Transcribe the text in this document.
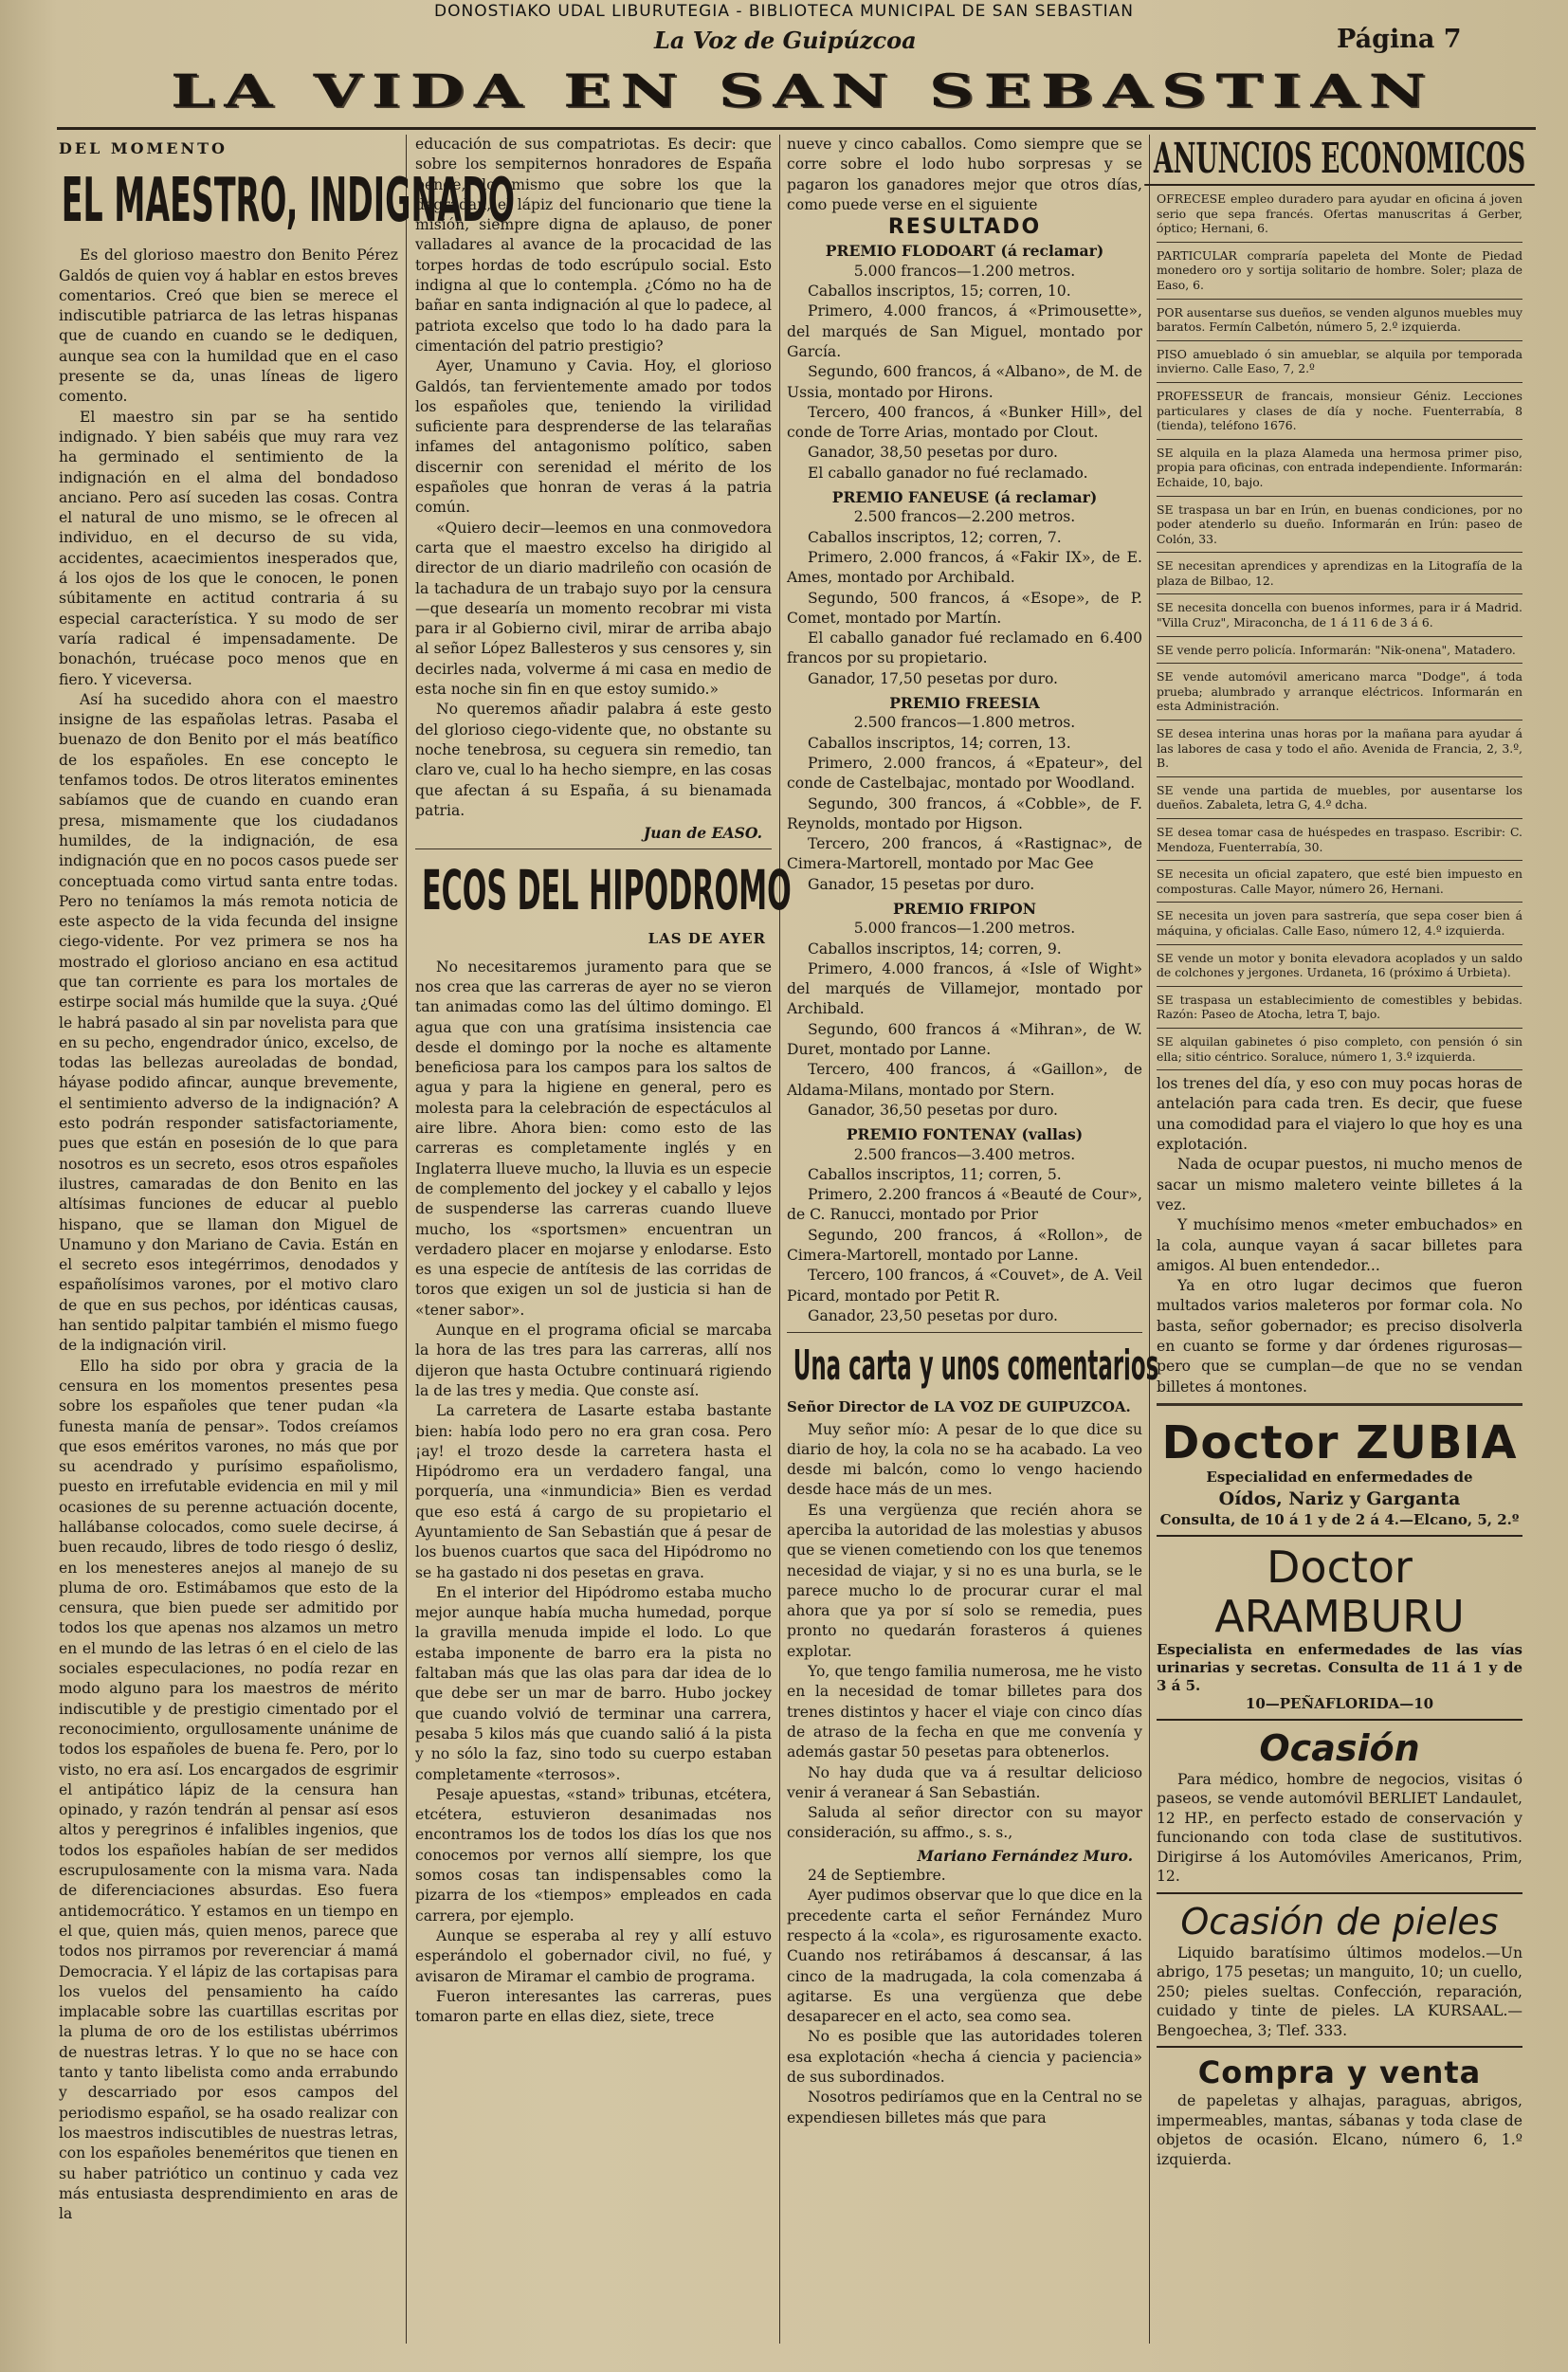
DONOSTIAKO UDAL LIBURUTEGIA - BIBLIOTECA MUNICIPAL DE SAN SEBASTIAN
La Voz de Guipúzcoa	Página 7
LA VIDA EN SAN SEBASTIAN
DEL MOMENTO
EL MAESTRO, INDIGNADO

Es del glorioso maestro don Benito Pérez Galdós de quien voy á hablar en estos breves comentarios. Creó que bien se merece el indiscutible patriarca de las letras hispanas que de cuando en cuando se le dediquen, aunque sea con la humildad que en el caso presente se da, unas líneas de ligero comento.

El maestro sin par se ha sentido indignado. Y bien sabéis que muy rara vez ha germinado el sentimiento de la indignación en el alma del bondadoso anciano. Pero así suceden las cosas. Contra el natural de uno mismo, se le ofrecen al individuo, en el decurso de su vida, accidentes, acaecimientos inesperados que, á los ojos de los que le conocen, le ponen súbitamente en actitud contraria á su especial característica. Y su modo de ser varía radical é impensadamente. De bonachón, truécase poco menos que en fiero. Y viceversa.

Así ha sucedido ahora con el maestro insigne de las españolas letras. Pasaba el buenazo de don Benito por el más beatífico de los españoles. En ese concepto le tenfamos todos. De otros literatos eminentes sabíamos que de cuando en cuando eran presa, mismamente que los ciudadanos humildes, de la indignación, de esa indignación que en no pocos casos puede ser conceptuada como virtud santa entre todas. Pero no teníamos la más remota noticia de este aspecto de la vida fecunda del insigne ciego-vidente. Por vez primera se nos ha mostrado el glorioso anciano en esa actitud que tan corriente es para los mortales de estirpe social más humilde que la suya. ¿Qué le habrá pasado al sin par novelista para que en su pecho, engendrador único, excelso, de todas las bellezas aureoladas de bondad, háyase podido afincar, aunque brevemente, el sentimiento adverso de la indignación? A esto podrán responder satisfactoriamente, pues que están en posesión de lo que para nosotros es un secreto, esos otros españoles ilustres, camaradas de don Benito en las altísimas funciones de educar al pueblo hispano, que se llaman don Miguel de Unamuno y don Mariano de Cavia. Están en el secreto esos integérrimos, denodados y españolísimos varones, por el motivo claro de que en sus pechos, por idénticas causas, han sentido palpitar también el mismo fuego de la indignación viril.

Ello ha sido por obra y gracia de la censura en los momentos presentes pesa sobre los españoles que tener pudan «la funesta manía de pensar». Todos creíamos que esos eméritos varones, no más que por su acendrado y purísimo españolismo, puesto en irrefutable evidencia en mil y mil ocasiones de su perenne actuación docente, hallábanse colocados, como suele decirse, á buen recaudo, libres de todo riesgo ó desliz, en los menesteres anejos al manejo de su pluma de oro. Estimábamos que esto de la censura, que bien puede ser admitido por todos los que apenas nos alzamos un metro en el mundo de las letras ó en el cielo de las sociales especulaciones, no podía rezar en modo alguno para los maestros de mérito indiscutible y de prestigio cimentado por el reconocimiento, orgullosamente unánime de todos los españoles de buena fe. Pero, por lo visto, no era así. Los encargados de esgrimir el antipático lápiz de la censura han opinado, y razón tendrán al pensar así esos altos y peregrinos é infalibles ingenios, que todos los españoles habían de ser medidos escrupulosamente con la misma vara. Nada de diferenciaciones absurdas. Eso fuera antidemocrático. Y estamos en un tiempo en el que, quien más, quien menos, parece que todos nos pirramos por reverenciar á mamá Democracia. Y el lápiz de las cortapisas para los vuelos del pensamiento ha caído implacable sobre las cuartillas escritas por la pluma de oro de los estilistas ubérrimos de nuestras letras. Y lo que no se hace con tanto y tanto libelista como anda errabundo y descarriado por esos campos del periodismo español, se ha osado realizar con los maestros indiscutibles de nuestras letras, con los españoles beneméritos que tienen en su haber patriótico un continuo y cada vez más entusiasta desprendimiento en aras de la

educación de sus compatriotas. Es decir: que sobre los sempiternos honradores de España pende, lo mismo que sobre los que la degradan, el lápiz del funcionario que tiene la misión, siempre digna de aplauso, de poner valladares al avance de la procacidad de las torpes hordas de todo escrúpulo social. Esto indigna al que lo contempla. ¿Cómo no ha de bañar en santa indignación al que lo padece, al patriota excelso que todo lo ha dado para la cimentación del patrio prestigio?

Ayer, Unamuno y Cavia. Hoy, el glorioso Galdós, tan fervientemente amado por todos los españoles que, teniendo la virilidad suficiente para desprenderse de las telarañas infames del antagonismo político, saben discernir con serenidad el mérito de los españoles que honran de veras á la patria común.

«Quiero decir—leemos en una conmovedora carta que el maestro excelso ha dirigido al director de un diario madrileño con ocasión de la tachadura de un trabajo suyo por la censura—que desearía un momento recobrar mi vista para ir al Gobierno civil, mirar de arriba abajo al señor López Ballesteros y sus censores y, sin decirles nada, volverme á mi casa en medio de esta noche sin fin en que estoy sumido.»

No queremos añadir palabra á este gesto del glorioso ciego-vidente que, no obstante su noche tenebrosa, su ceguera sin remedio, tan claro ve, cual lo ha hecho siempre, en las cosas que afectan á su España, á su bienamada patria.

Juan de EASO.
ECOS DEL HIPODROMO
LAS DE AYER

No necesitaremos juramento para que se nos crea que las carreras de ayer no se vieron tan animadas como las del último domingo. El agua que con una gratísima insistencia cae desde el domingo por la noche es altamente beneficiosa para los campos para los saltos de agua y para la higiene en general, pero es molesta para la celebración de espectáculos al aire libre. Ahora bien: como esto de las carreras es completamente inglés y en Inglaterra llueve mucho, la lluvia es un especie de complemento del jockey y el caballo y lejos de suspenderse las carreras cuando llueve mucho, los «sportsmen» encuentran un verdadero placer en mojarse y enlodarse. Esto es una especie de antítesis de las corridas de toros que exigen un sol de justicia si han de «tener sabor».

Aunque en el programa oficial se marcaba la hora de las tres para las carreras, allí nos dijeron que hasta Octubre continuará rigiendo la de las tres y media. Que conste así.

La carretera de Lasarte estaba bastante bien: había lodo pero no era gran cosa. Pero ¡ay! el trozo desde la carretera hasta el Hipódromo era un verdadero fangal, una porquería, una «inmundicia» Bien es verdad que eso está á cargo de su propietario el Ayuntamiento de San Sebastián que á pesar de los buenos cuartos que saca del Hipódromo no se ha gastado ni dos pesetas en grava.

En el interior del Hipódromo estaba mucho mejor aunque había mucha humedad, porque la gravilla menuda impide el lodo. Lo que estaba imponente de barro era la pista no faltaban más que las olas para dar idea de lo que debe ser un mar de barro. Hubo jockey que cuando volvió de terminar una carrera, pesaba 5 kilos más que cuando salió á la pista y no sólo la faz, sino todo su cuerpo estaban completamente «terrosos».

Pesaje apuestas, «stand» tribunas, etcétera, etcétera, estuvieron desanimadas nos encontramos los de todos los días los que nos conocemos por vernos allí siempre, los que somos cosas tan indispensables como la pizarra de los «tiempos» empleados en cada carrera, por ejemplo.

Aunque se esperaba al rey y allí estuvo esperándolo el gobernador civil, no fué, y avisaron de Miramar el cambio de programa.

Fueron interesantes las carreras, pues tomaron parte en ellas diez, siete, trece

nueve y cinco caballos. Como siempre que se corre sobre el lodo hubo sorpresas y se pagaron los ganadores mejor que otros días, como puede verse en el siguiente

RESULTADO
PREMIO FLODOART (á reclamar)
5.000 francos—1.200 metros.

Caballos inscriptos, 15; corren, 10.

Primero, 4.000 francos, á «Primousette», del marqués de San Miguel, montado por García.

Segundo, 600 francos, á «Albano», de M. de Ussia, montado por Hirons.

Tercero, 400 francos, á «Bunker Hill», del conde de Torre Arias, montado por Clout.

Ganador, 38,50 pesetas por duro.

El caballo ganador no fué reclamado.

PREMIO FANEUSE (á reclamar)
2.500 francos—2.200 metros.

Caballos inscriptos, 12; corren, 7.

Primero, 2.000 francos, á «Fakir IX», de E. Ames, montado por Archibald.

Segundo, 500 francos, á «Esope», de P. Comet, montado por Martín.

El caballo ganador fué reclamado en 6.400 francos por su propietario.

Ganador, 17,50 pesetas por duro.

PREMIO FREESIA
2.500 francos—1.800 metros.

Caballos inscriptos, 14; corren, 13.

Primero, 2.000 francos, á «Epateur», del conde de Castelbajac, montado por Woodland.

Segundo, 300 francos, á «Cobble», de F. Reynolds, montado por Higson.

Tercero, 200 francos, á «Rastignac», de Cimera-Martorell, montado por Mac Gee

Ganador, 15 pesetas por duro.

PREMIO FRIPON
5.000 francos—1.200 metros.

Caballos inscriptos, 14; corren, 9.

Primero, 4.000 francos, á «Isle of Wight» del marqués de Villamejor, montado por Archibald.

Segundo, 600 francos á «Mihran», de W. Duret, montado por Lanne.

Tercero, 400 francos, á «Gaillon», de Aldama-Milans, montado por Stern.

Ganador, 36,50 pesetas por duro.

PREMIO FONTENAY (vallas)
2.500 francos—3.400 metros.

Caballos inscriptos, 11; corren, 5.

Primero, 2.200 francos á «Beauté de Cour», de C. Ranucci, montado por Prior

Segundo, 200 francos, á «Rollon», de Cimera-Martorell, montado por Lanne.

Tercero, 100 francos, á «Couvet», de A. Veil Picard, montado por Petit R.

Ganador, 23,50 pesetas por duro.

Una carta y unos comentarios
Señor Director de LA VOZ DE GUIPUZCOA.

Muy señor mío: A pesar de lo que dice su diario de hoy, la cola no se ha acabado. La veo desde mi balcón, como lo vengo haciendo desde hace más de un mes.

Es una vergüenza que recién ahora se aperciba la autoridad de las molestias y abusos que se vienen cometiendo con los que tenemos necesidad de viajar, y si no es una burla, se le parece mucho lo de procurar curar el mal ahora que ya por sí solo se remedia, pues pronto no quedarán forasteros á quienes explotar.

Yo, que tengo familia numerosa, me he visto en la necesidad de tomar billetes para dos trenes distintos y hacer el viaje con cinco días de atraso de la fecha en que me convenía y además gastar 50 pesetas para obtenerlos.

No hay duda que va á resultar delicioso venir á veranear á San Sebastián.

Saluda al señor director con su mayor consideración, su affmo., s. s.,

Mariano Fernández Muro.

24 de Septiembre.

Ayer pudimos observar que lo que dice en la precedente carta el señor Fernández Muro respecto á la «cola», es rigurosamente exacto. Cuando nos retirábamos á descansar, á las cinco de la madrugada, la cola comenzaba á agitarse. Es una vergüenza que debe desaparecer en el acto, sea como sea.

No es posible que las autoridades toleren esa explotación «hecha á ciencia y paciencia» de sus subordinados.

Nosotros pediríamos que en la Central no se expendiesen billetes más que para

ANUNCIOS ECONOMICOS

OFRECESE empleo duradero para ayudar en oficina á joven serio que sepa francés. Ofertas manuscritas á Gerber, óptico; Hernani, 6.

PARTICULAR compraría papeleta del Monte de Piedad monedero oro y sortija solitario de hombre. Soler; plaza de Easo, 6.

POR ausentarse sus dueños, se venden algunos muebles muy baratos. Fermín Calbetón, número 5, 2.º izquierda.

PISO amueblado ó sin amueblar, se alquila por temporada invierno. Calle Easo, 7, 2.º

PROFESSEUR de francais, monsieur Géniz. Lecciones particulares y clases de día y noche. Fuenterrabía, 8 (tienda), teléfono 1676.

SE alquila en la plaza Alameda una hermosa primer piso, propia para oficinas, con entrada independiente. Informarán: Echaide, 10, bajo.

SE traspasa un bar en Irún, en buenas condiciones, por no poder atenderlo su dueño. Informarán en Irún: paseo de Colón, 33.

SE necesitan aprendices y aprendizas en la Litografía de la plaza de Bilbao, 12.

SE necesita doncella con buenos informes, para ir á Madrid. "Villa Cruz", Miraconcha, de 1 á 11 6 de 3 á 6.

SE vende perro policía. Informarán: "Nik-onena", Matadero.

SE vende automóvil americano marca "Dodge", á toda prueba; alumbrado y arranque eléctricos. Informarán en esta Administración.

SE desea interina unas horas por la mañana para ayudar á las labores de casa y todo el año. Avenida de Francia, 2, 3.º, B.

SE vende una partida de muebles, por ausentarse los dueños. Zabaleta, letra G, 4.º dcha.

SE desea tomar casa de huéspedes en traspaso. Escribir: C. Mendoza, Fuenterrabía, 30.

SE necesita un oficial zapatero, que esté bien impuesto en composturas. Calle Mayor, número 26, Hernani.

SE necesita un joven para sastrería, que sepa coser bien á máquina, y oficialas. Calle Easo, número 12, 4.º izquierda.

SE vende un motor y bonita elevadora acoplados y un saldo de colchones y jergones. Urdaneta, 16 (próximo á Urbieta).

SE traspasa un establecimiento de comestibles y bebidas. Razón: Paseo de Atocha, letra T, bajo.

SE alquilan gabinetes ó piso completo, con pensión ó sin ella; sitio céntrico. Soraluce, número 1, 3.º izquierda.

los trenes del día, y eso con muy pocas horas de antelación para cada tren. Es decir, que fuese una comodidad para el viajero lo que hoy es una explotación.

Nada de ocupar puestos, ni mucho menos de sacar un mismo maletero veinte billetes á la vez.

Y muchísimo menos «meter embuchados» en la cola, aunque vayan á sacar billetes para amigos. Al buen entendedor...

Ya en otro lugar decimos que fueron multados varios maleteros por formar cola. No basta, señor gobernador; es preciso disolverla en cuanto se forme y dar órdenes rigurosas—pero que se cumplan—de que no se vendan billetes á montones.

Doctor ZUBIA
Especialidad en enfermedades de
Oídos, Nariz y Garganta
Consulta, de 10 á 1 y de 2 á 4.—Elcano, 5, 2.º
Doctor ARAMBURU
Especialista en enfermedades de las vías urinarias y secretas. Consulta de 11 á 1 y de 3 á 5.
10—PEÑAFLORIDA—10
Ocasión

Para médico, hombre de negocios, visitas ó paseos, se vende automóvil BERLIET Landaulet, 12 HP., en perfecto estado de conservación y funcionando con toda clase de sustitutivos. Dirigirse á los Automóviles Americanos, Prim, 12.

Ocasión de pieles

Liquido baratísimo últimos modelos.—Un abrigo, 175 pesetas; un manguito, 10; un cuello, 250; pieles sueltas. Confección, reparación, cuidado y tinte de pieles. LA KURSAAL.—Bengoechea, 3; Tlef. 333.

Compra y venta

de papeletas y alhajas, paraguas, abrigos, impermeables, mantas, sábanas y toda clase de objetos de ocasión. Elcano, número 6, 1.º izquierda.
